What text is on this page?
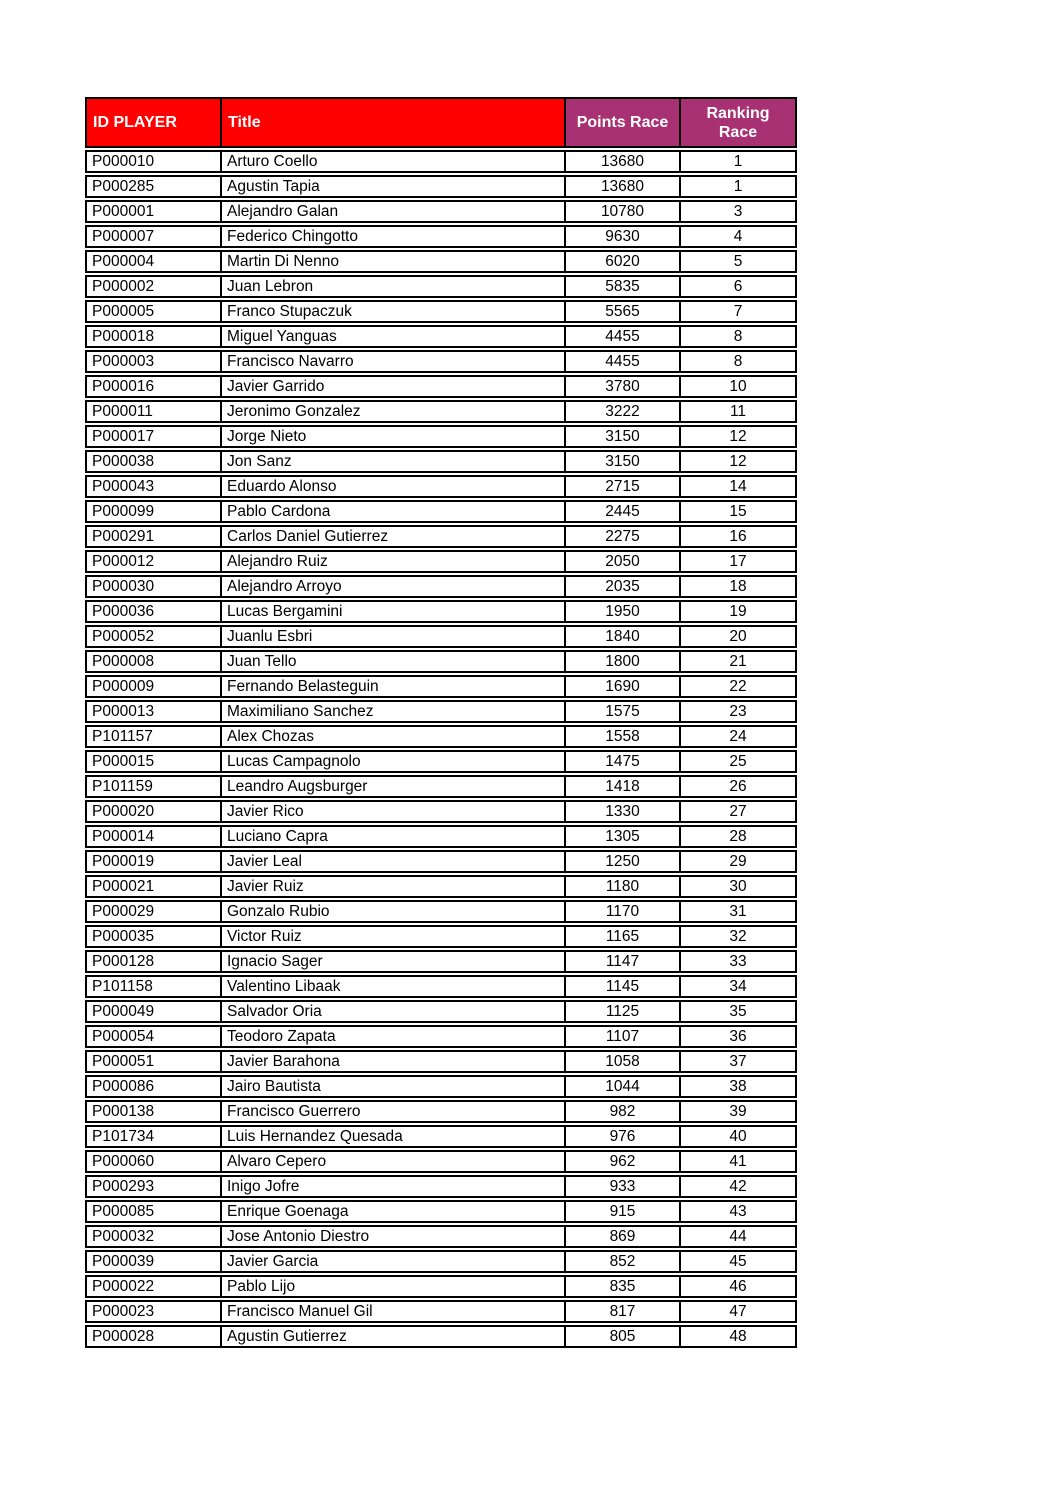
ID PLAYER	Title	Points Race	Ranking Race
P000010	Arturo Coello	13680	1
P000285	Agustin Tapia	13680	1
P000001	Alejandro Galan	10780	3
P000007	Federico Chingotto	9630	4
P000004	Martin Di Nenno	6020	5
P000002	Juan Lebron	5835	6
P000005	Franco Stupaczuk	5565	7
P000018	Miguel Yanguas	4455	8
P000003	Francisco Navarro	4455	8
P000016	Javier Garrido	3780	10
P000011	Jeronimo Gonzalez	3222	11
P000017	Jorge Nieto	3150	12
P000038	Jon Sanz	3150	12
P000043	Eduardo Alonso	2715	14
P000099	Pablo Cardona	2445	15
P000291	Carlos Daniel Gutierrez	2275	16
P000012	Alejandro Ruiz	2050	17
P000030	Alejandro Arroyo	2035	18
P000036	Lucas Bergamini	1950	19
P000052	Juanlu Esbri	1840	20
P000008	Juan Tello	1800	21
P000009	Fernando Belasteguin	1690	22
P000013	Maximiliano Sanchez	1575	23
P101157	Alex Chozas	1558	24
P000015	Lucas Campagnolo	1475	25
P101159	Leandro Augsburger	1418	26
P000020	Javier Rico	1330	27
P000014	Luciano Capra	1305	28
P000019	Javier Leal	1250	29
P000021	Javier Ruiz	1180	30
P000029	Gonzalo Rubio	1170	31
P000035	Victor Ruiz	1165	32
P000128	Ignacio Sager	1147	33
P101158	Valentino Libaak	1145	34
P000049	Salvador Oria	1125	35
P000054	Teodoro Zapata	1107	36
P000051	Javier Barahona	1058	37
P000086	Jairo Bautista	1044	38
P000138	Francisco Guerrero	982	39
P101734	Luis Hernandez Quesada	976	40
P000060	Alvaro Cepero	962	41
P000293	Inigo Jofre	933	42
P000085	Enrique Goenaga	915	43
P000032	Jose Antonio Diestro	869	44
P000039	Javier Garcia	852	45
P000022	Pablo Lijo	835	46
P000023	Francisco Manuel Gil	817	47
P000028	Agustin Gutierrez	805	48
